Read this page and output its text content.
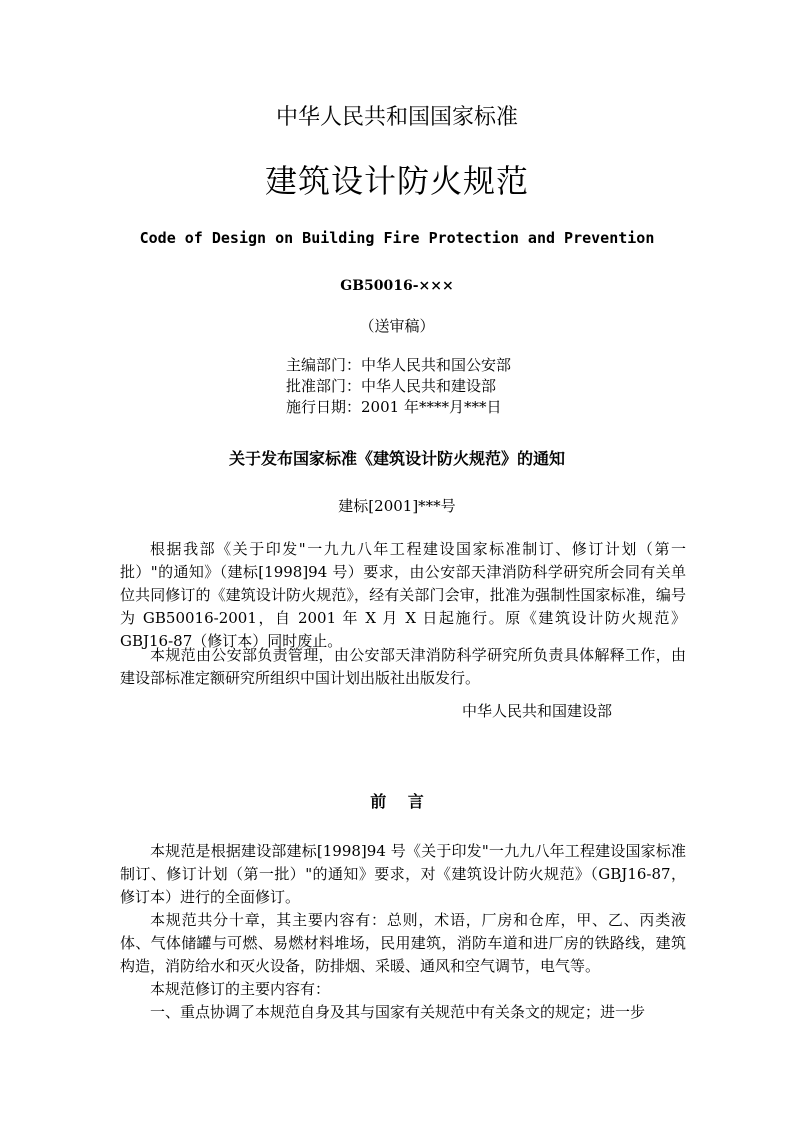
中华人民共和国国家标准
建筑设计防火规范
Code of Design on Building Fire Protection and Prevention
GB50016-×××
（送审稿）
主编部门：中华人民共和国公安部
批准部门：中华人民共和建设部
施行日期：2001 年****月***日
关于发布国家标准《建筑设计防火规范》的通知
建标[2001]***号
根据我部《关于印发"一九九八年工程建设国家标准制订、修订计划（第一批）"的通知》（建标[1998]94 号）要求，由公安部天津消防科学研究所会同有关单位共同修订的《建筑设计防火规范》，经有关部门会审，批准为强制性国家标准，编号为 GB50016-2001，自 2001 年 X 月 X 日起施行。原《建筑设计防火规范》GBJ16-87（修订本）同时废止。
本规范由公安部负责管理，由公安部天津消防科学研究所负责具体解释工作，由建设部标准定额研究所组织中国计划出版社出版发行。
中华人民共和国建设部
前 言

本规范是根据建设部建标[1998]94 号《关于印发"一九九八年工程建设国家标准制订、修订计划（第一批）"的通知》要求，对《建筑设计防火规范》（GBJ16-87，修订本）进行的全面修订。

本规范共分十章，其主要内容有：总则，术语，厂房和仓库，甲、乙、丙类液体、气体储罐与可燃、易燃材料堆场，民用建筑，消防车道和进厂房的铁路线，建筑构造，消防给水和灭火设备，防排烟、采暖、通风和空气调节，电气等。

本规范修订的主要内容有：

一、重点协调了本规范自身及其与国家有关规范中有关条文的规定；进一步
